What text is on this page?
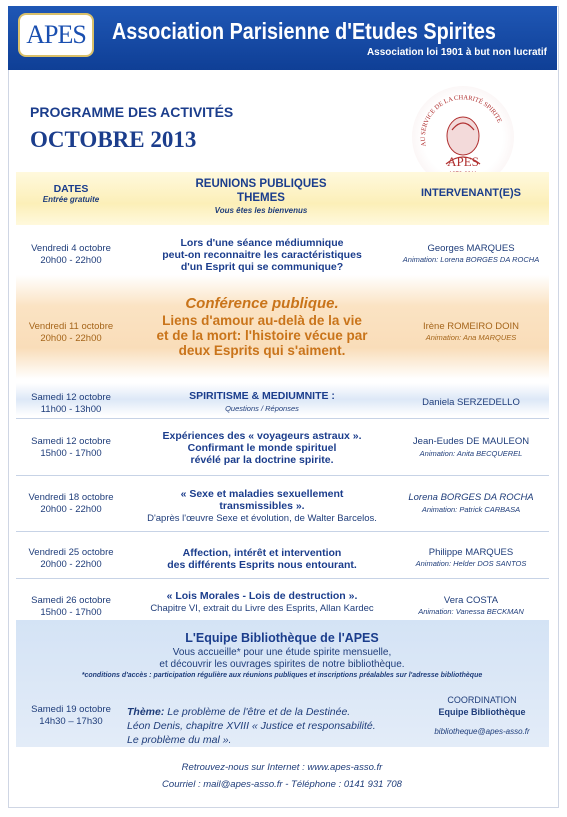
APES Association Parisienne d'Etudes Spirites
Association loi 1901 à but non lucratif
PROGRAMME DES ACTIVITÉS
OCTOBRE 2013	AU SERVICE DE LA CHARITÉ SPIRITE
APES
DATES
Entrée gratuite
REUNIONS PUBLIQUES
THEMES
Vous êtes les bienvenus
INTERVENANT(E)S
Vendredi 4 octobre
20h00 - 22h00
Lors d'une séance médiumnique
peut-on reconnaitre les caractéristiques
d'un Esprit qui se communique?
Georges MARQUES
Animation: Lorena BORGES DA ROCHA
Vendredi 11 octobre
20h00 - 22h00
Conférence publique.
Liens d'amour au-delà de la vie
et de la mort: l'histoire vécue par
deux Esprits qui s'aiment.
Irène ROMEIRO DOIN
Animation: Ana MARQUES
Samedi 12 octobre
11h00 - 13h00
SPIRITISME & MEDIUMNITE :
Questions / Réponses
Daniela SERZEDELLO
Samedi 12 octobre
15h00 - 17h00
Expériences des « voyageurs astraux ».
Confirmant le monde spirituel
révélé par la doctrine spirite.
Jean-Eudes DE MAULEON
Animation: Anita BECQUEREL
Vendredi 18 octobre
20h00 - 22h00
« Sexe et maladies sexuellement
transmissibles ».
D'après l'œuvre Sexe et évolution, de Walter Barcelos.
Lorena BORGES DA ROCHA
Animation: Patrick CARBASA
Vendredi 25 octobre
20h00 - 22h00
Affection, intérêt et intervention
des différents Esprits nous entourant.
Philippe MARQUES
Animation: Helder DOS SANTOS
Samedi 26 octobre
15h00 - 17h00
« Lois Morales - Lois de destruction ».
Chapitre VI, extrait du Livre des Esprits, Allan Kardec
Vera COSTA
Animation: Vanessa BECKMAN
L'Equipe Bibliothèque de l'APES
Vous accueille* pour une étude spirite mensuelle,
et découvrir les ouvrages spirites de notre bibliothèque.
*conditions d'accès : participation régulière aux réunions publiques et inscriptions préalables sur l'adresse bibliothèque
Samedi 19 octobre
14h30 – 17h30
Thème: Le problème de l'être et de la Destinée.
Léon Denis, chapitre XVIII « Justice et responsabilité.
Le problème du mal ».
COORDINATION
Equipe Bibliothèque
bibliotheque@apes-asso.fr
Retrouvez-nous sur Internet : www.apes-asso.fr
Courriel : mail@apes-asso.fr - Téléphone : 0141 931 708
